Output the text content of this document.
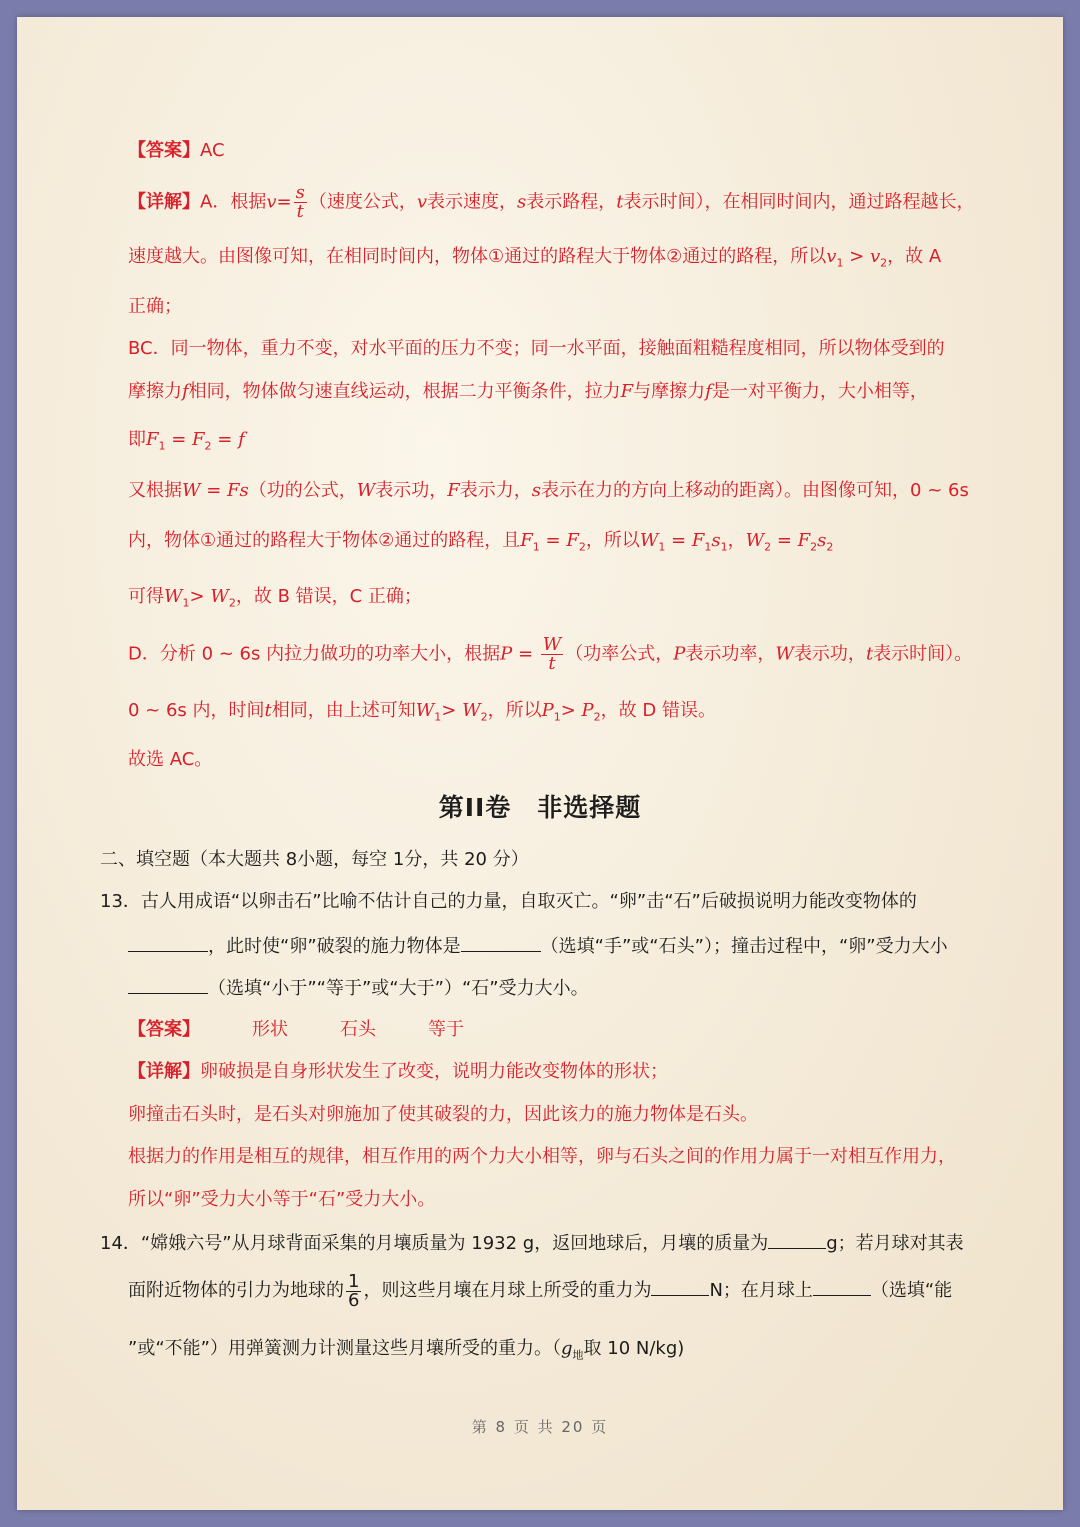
【答案】AC
【详解】A．根据$v= \frac{s}{t}$ （速度公式，v表示速度，s表示路程，t表示时间），在相同时间内，通过路程越长，
速度越大。由图像可知，在相同时间内，物体①通过的路程大于物体②通过的路程，所以$v_1 > v_2$，故 A
正确；
BC．同一物体，重力不变，对水平面的压力不变；同一水平面，接触面粗糙程度相同，所以物体受到的
摩擦力f相同，物体做匀速直线运动，根据二力平衡条件，拉力F与摩擦力f是一对平衡力，大小相等，
即$F_1 = F_2 = f$
又根据W = Fs（功的公式，W表示功，F表示力，s表示在力的方向上移动的距离）。由图像可知，0 ~ 6s
内，物体①通过的路程大于物体②通过的路程，且$F_1 = F_2$，所以$W_1 = F_1s_1$，$W_2 = F_2s_2$
可得$W_1> W_2$，故 B 错误，C 正确；
D．分析 0 ~ 6s 内拉力做功的功率大小，根据$P = \frac{W}{t}$ （功率公式，P表示功率，W表示功，t表示时间）。
0 ~ 6s 内，时间t相同，由上述可知$W_1> W_2$，所以$P_1> P_2$，故 D 错误。
故选 AC。
第II卷　非选择题
二、填空题（本大题共 8小题，每空 1分，共 20 分）
13．古人用成语“以卵击石”比喻不估计自己的力量，自取灭亡。“卵”击“石”后破损说明力能改变物体的
，此时使“卵”破裂的施力物体是	（选填“手”或“石头”）；撞击过程中，“卵”受力大小
（选填“小于”“等于”或“大于”）“石”受力大小。
【答案】	形状	石头	等于
【详解】卵破损是自身形状发生了改变，说明力能改变物体的形状；
卵撞击石头时，是石头对卵施加了使其破裂的力，因此该力的施力物体是石头。
根据力的作用是相互的规律，相互作用的两个力大小相等，卵与石头之间的作用力属于一对相互作用力，
所以“卵”受力大小等于“石”受力大小。
14．“嫦娥六号”从月球背面采集的月壤质量为 1932 g，返回地球后，月壤的质量为	g；若月球对其表
面附近物体的引力为地球的 $\frac{1}{6}$ ，则这些月壤在月球上所受的重力为	N；在月球上	（选填“能
”或“不能”）用弹簧测力计测量这些月壤所受的重力。（$g_地$取 10 N/kg)
第 8 页 共 20 页
